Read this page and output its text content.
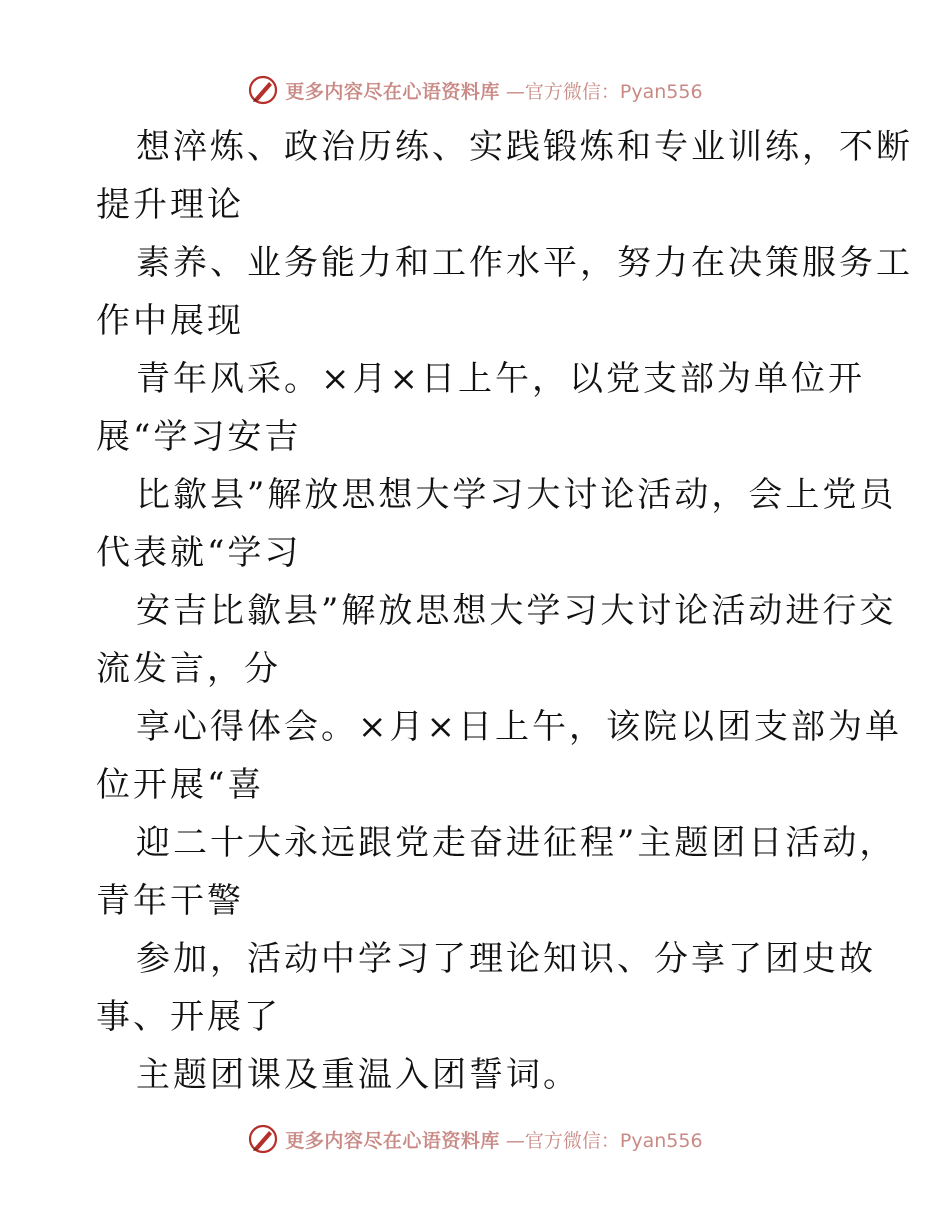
更多内容尽在心语资料库 —官方微信：Pyan556
想淬炼、政治历练、实践锻炼和专业训练，不断
提升理论
素养、业务能力和工作水平，努力在决策服务工
作中展现
青年风采。×月×日上午，以党支部为单位开
展“学习安吉
比歙县”解放思想大学习大讨论活动，会上党员
代表就“学习
安吉比歙县”解放思想大学习大讨论活动进行交
流发言，分
享心得体会。×月×日上午，该院以团支部为单
位开展“喜
迎二十大永远跟党走奋进征程”主题团日活动，
青年干警
参加，活动中学习了理论知识、分享了团史故
事、开展了
主题团课及重温入团誓词。
更多内容尽在心语资料库 —官方微信：Pyan556
